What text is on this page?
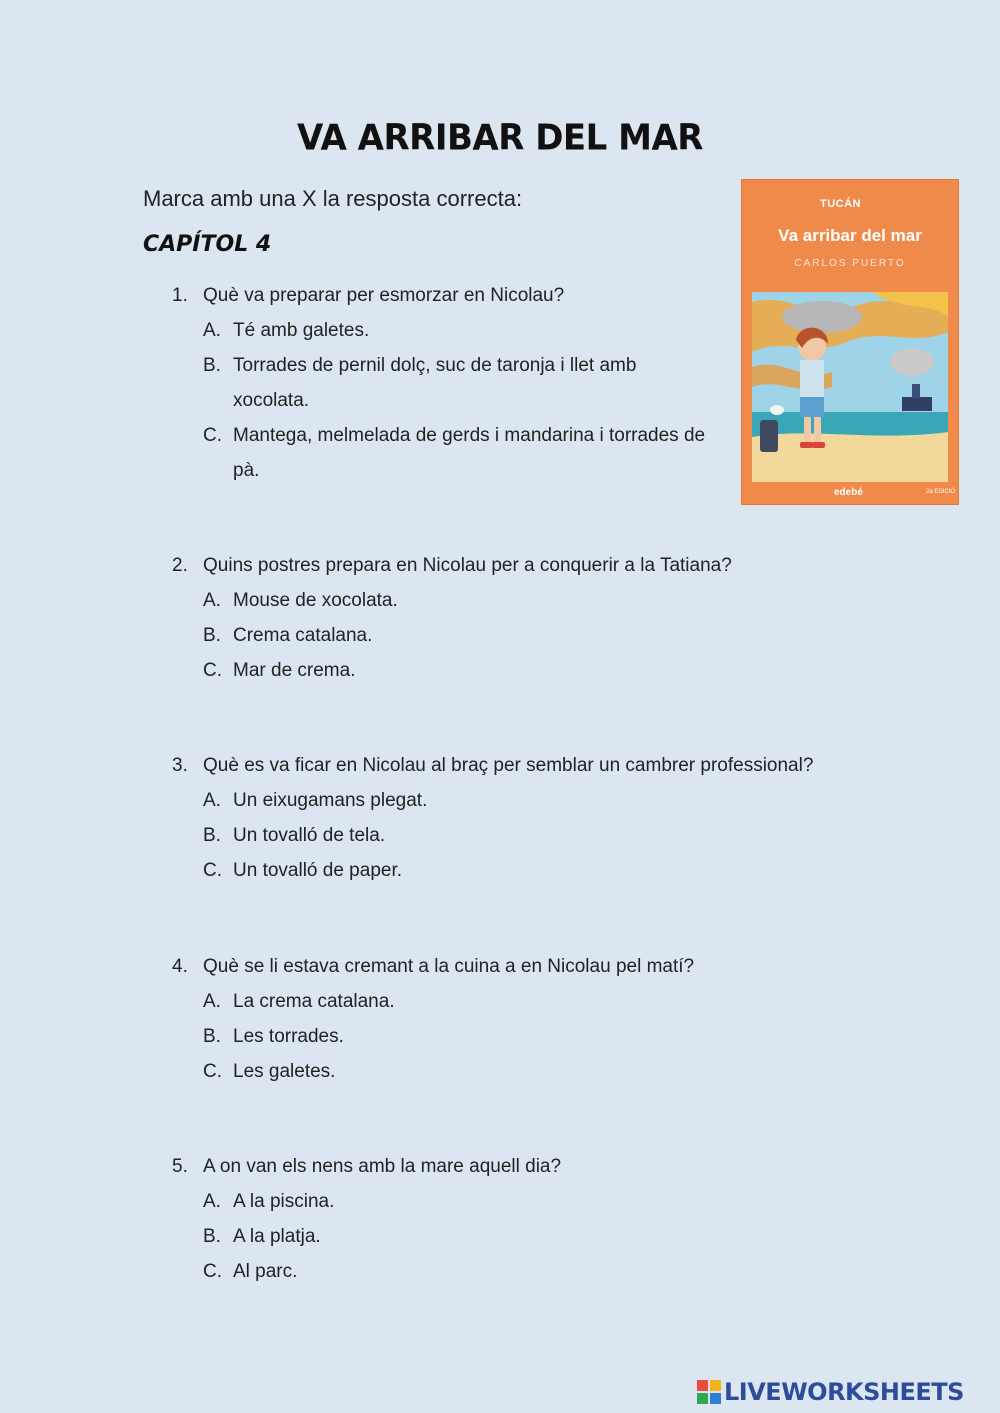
VA ARRIBAR DEL MAR
Marca amb una X la resposta correcta:
CAPÍTOL 4
TUCÁN
Va arribar del mar
CARLOS PUERTO
edebé	2a EDICIÓ
1. Què va preparar per esmorzar en Nicolau?
A. Té amb galetes.
B. Torrades de pernil dolç, suc de taronja i llet amb xocolata.
C. Mantega, melmelada de gerds i mandarina i torrades de pà.
2. Quins postres prepara en Nicolau per a conquerir a la Tatiana?
A. Mouse de xocolata.
B. Crema catalana.
C. Mar de crema.
3. Què es va ficar en Nicolau al braç per semblar un cambrer professional?
A. Un eixugamans plegat.
B. Un tovalló de tela.
C. Un tovalló de paper.
4. Què se li estava cremant a la cuina a en Nicolau pel matí?
A. La crema catalana.
B. Les torrades.
C. Les galetes.
5. A on van els nens amb la mare aquell dia?
A. A la piscina.
B. A la platja.
C. Al parc.
LIVEWORKSHEETS
